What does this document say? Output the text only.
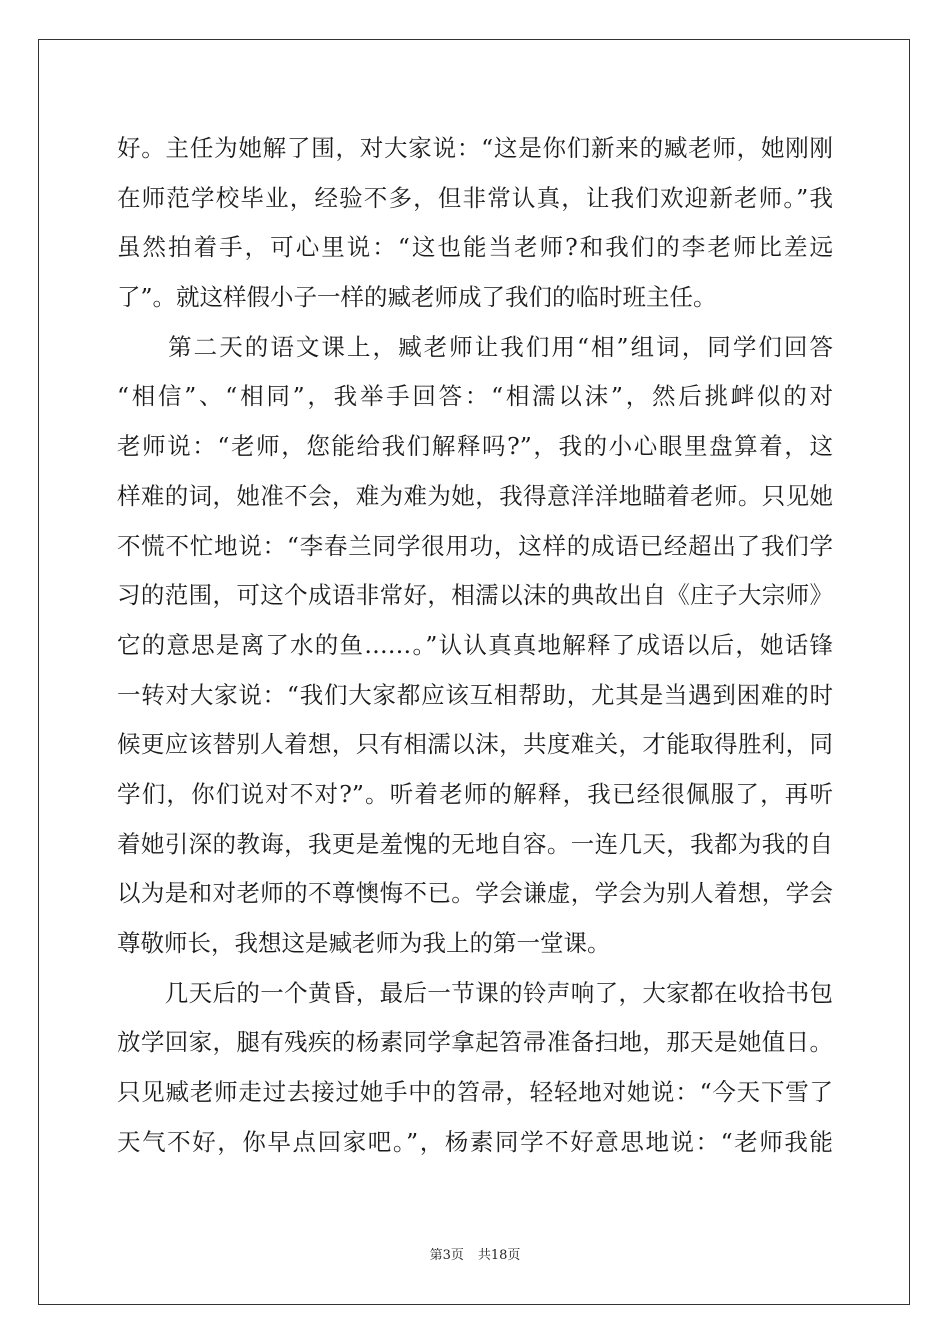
好。主任为她解了围，对大家说：“这是你们新来的臧老师，她刚刚
在师范学校毕业，经验不多，但非常认真，让我们欢迎新老师。”我
虽然拍着手，可心里说：“这也能当老师?和我们的李老师比差远
了”。就这样假小子一样的臧老师成了我们的临时班主任。
　　第二天的语文课上，臧老师让我们用“相”组词，同学们回答
“相信”、“相同”，我举手回答：“相濡以沫”，然后挑衅似的对
老师说：“老师，您能给我们解释吗?”，我的小心眼里盘算着，这
样难的词，她准不会，难为难为她，我得意洋洋地瞄着老师。只见她
不慌不忙地说：“李春兰同学很用功，这样的成语已经超出了我们学
习的范围，可这个成语非常好，相濡以沫的典故出自《庄子大宗师》
它的意思是离了水的鱼……。”认认真真地解释了成语以后，她话锋
一转对大家说：“我们大家都应该互相帮助，尤其是当遇到困难的时
候更应该替别人着想，只有相濡以沫，共度难关，才能取得胜利，同
学们，你们说对不对?”。听着老师的解释，我已经很佩服了，再听
着她引深的教诲，我更是羞愧的无地自容。一连几天，我都为我的自
以为是和对老师的不尊懊悔不已。学会谦虚，学会为别人着想，学会
尊敬师长，我想这是臧老师为我上的第一堂课。
　　几天后的一个黄昏，最后一节课的铃声响了，大家都在收拾书包
放学回家，腿有残疾的杨素同学拿起笤帚准备扫地，那天是她值日。
只见臧老师走过去接过她手中的笤帚，轻轻地对她说：“今天下雪了
天气不好，你早点回家吧。”，杨素同学不好意思地说：“老师我能
第3页 共18页
